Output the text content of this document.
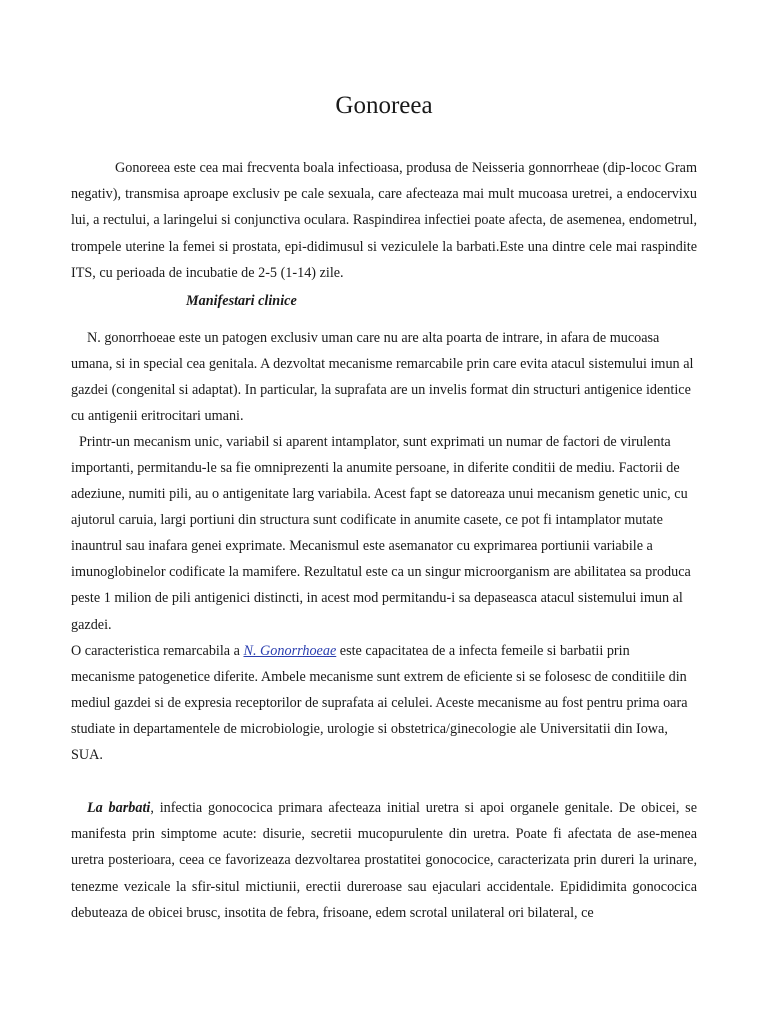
Gonoreea

Gonoreea este cea mai frecventa boala infectioasa, produsa de Neisseria gonnorrheae (dip-lococ Gram negativ), transmisa aproape exclusiv pe cale sexuala, care afecteaza mai mult mucoasa uretrei, a endocervixu lui, a rectului, a laringelui si conjunctiva oculara. Raspindirea infectiei poate afecta, de asemenea, endometrul, trompele uterine la femei si prostata, epi-didimusul si veziculele la barbati.Este una dintre cele mai raspindite ITS, cu perioada de incubatie de 2-5 (1-14) zile.

Manifestari clinice

N. gonorrhoeae este un patogen exclusiv uman care nu are alta poarta de intrare, in afara de mucoasa umana, si in special cea genitala. A dezvoltat mecanisme remarcabile prin care evita atacul sistemului imun al gazdei (congenital si adaptat). In particular, la suprafata are un invelis format din structuri antigenice identice cu antigenii eritrocitari umani.

Printr-un mecanism unic, variabil si aparent intamplator, sunt exprimati un numar de factori de virulenta importanti, permitandu-le sa fie omniprezenti la anumite persoane, in diferite conditii de mediu. Factorii de adeziune, numiti pili, au o antigenitate larg variabila. Acest fapt se datoreaza unui mecanism genetic unic, cu ajutorul caruia, largi portiuni din structura sunt codificate in anumite casete, ce pot fi intamplator mutate inauntrul sau inafara genei exprimate. Mecanismul este asemanator cu exprimarea portiunii variabile a imunoglobinelor codificate la mamifere. Rezultatul este ca un singur microorganism are abilitatea sa produca peste 1 milion de pili antigenici distincti, in acest mod permitandu-i sa depaseasca atacul sistemului imun al gazdei.

O caracteristica remarcabila a N. Gonorrhoeae este capacitatea de a infecta femeile si barbatii prin mecanisme patogenetice diferite. Ambele mecanisme sunt extrem de eficiente si se folosesc de conditiile din mediul gazdei si de expresia receptorilor de suprafata ai celulei. Aceste mecanisme au fost pentru prima oara studiate in departamentele de microbiologie, urologie si obstetrica/ginecologie ale Universitatii din Iowa, SUA.

La barbati, infectia gonococica primara afecteaza initial uretra si apoi organele genitale. De obicei, se manifesta prin simptome acute: disurie, secretii mucopurulente din uretra. Poate fi afectata de ase-menea uretra posterioara, ceea ce favorizeaza dezvoltarea prostatitei gonococice, caracterizata prin dureri la urinare, tenezme vezicale la sfir-situl mictiunii, erectii dureroase sau ejaculari accidentale. Epididimita gonococica debuteaza de obicei brusc, insotita de febra, frisoane, edem scrotal unilateral ori bilateral, ce
